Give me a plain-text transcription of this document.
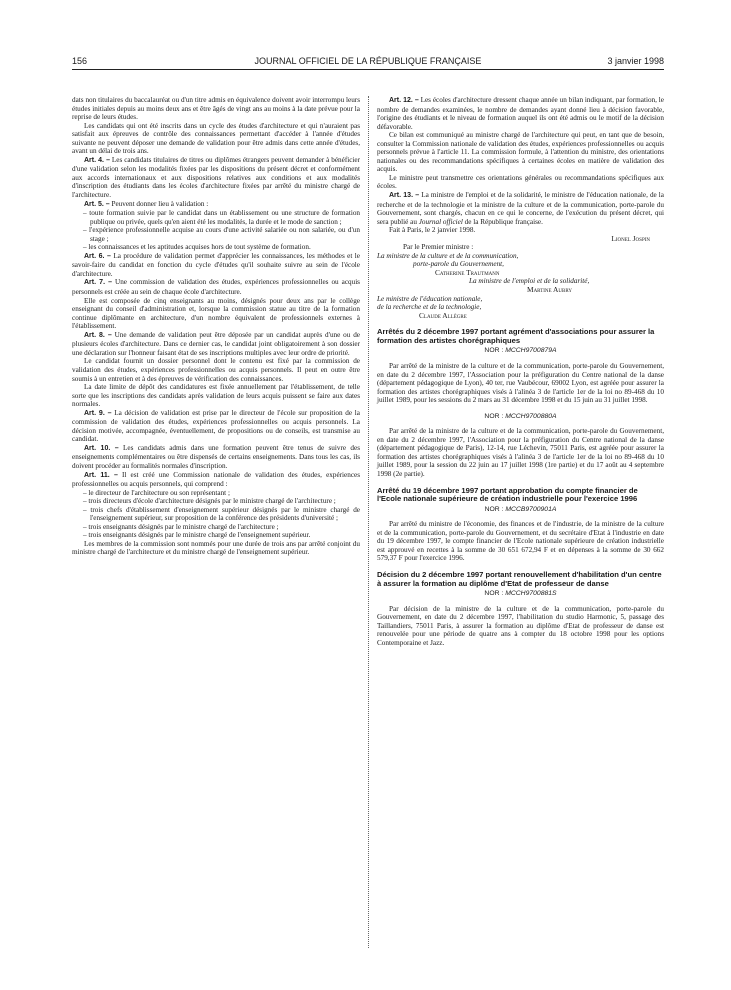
156	JOURNAL OFFICIEL DE LA RÉPUBLIQUE FRANÇAISE	3 janvier 1998

dats non titulaires du baccalauréat ou d'un titre admis en équivalence doivent avoir interrompu leurs études initiales depuis au moins deux ans et être âgés de vingt ans au moins à la date prévue pour la reprise de leurs études.

Les candidats qui ont été inscrits dans un cycle des études d'architecture et qui n'auraient pas satisfait aux épreuves de contrôle des connaissances permettant d'accéder à l'année d'études suivante ne peuvent déposer une demande de validation pour être admis dans cette année d'études, avant un délai de trois ans.

Art. 4. – Les candidats titulaires de titres ou diplômes étrangers peuvent demander à bénéficier d'une validation selon les modalités fixées par les dispositions du présent décret et conformément aux accords internationaux et aux dispositions relatives aux conditions et aux modalités d'inscription des étudiants dans les écoles d'architecture fixées par arrêté du ministre chargé de l'architecture.

Art. 5. – Peuvent donner lieu à validation :

– toute formation suivie par le candidat dans un établissement ou une structure de formation publique ou privée, quels qu'en aient été les modalités, la durée et le mode de sanction ;
– l'expérience professionnelle acquise au cours d'une activité salariée ou non salariée, ou d'un stage ;
– les connaissances et les aptitudes acquises hors de tout système de formation.

Art. 6. – La procédure de validation permet d'apprécier les connaissances, les méthodes et le savoir-faire du candidat en fonction du cycle d'études qu'il souhaite suivre au sein de l'école d'architecture.

Art. 7. – Une commission de validation des études, expériences professionnelles ou acquis personnels est créée au sein de chaque école d'architecture.

Elle est composée de cinq enseignants au moins, désignés pour deux ans par le collège enseignant du conseil d'administration et, lorsque la commission statue au titre de la formation continue diplômante en architecture, d'un nombre équivalent de professionnels externes à l'établissement.

Art. 8. – Une demande de validation peut être déposée par un candidat auprès d'une ou de plusieurs écoles d'architecture. Dans ce dernier cas, le candidat joint obligatoirement à son dossier une déclaration sur l'honneur faisant état de ses inscriptions multiples avec leur ordre de priorité.

Le candidat fournit un dossier personnel dont le contenu est fixé par la commission de validation des études, expériences professionnelles ou acquis personnels. Il peut en outre être soumis à un entretien et à des épreuves de vérification des connaissances.

La date limite de dépôt des candidatures est fixée annuellement par l'établissement, de telle sorte que les inscriptions des candidats après validation de leurs acquis puissent se faire aux dates normales.

Art. 9. – La décision de validation est prise par le directeur de l'école sur proposition de la commission de validation des études, expériences professionnelles ou acquis personnels. La décision motivée, accompagnée, éventuellement, de propositions ou de conseils, est transmise au candidat.

Art. 10. – Les candidats admis dans une formation peuvent être tenus de suivre des enseignements complémentaires ou être dispensés de certains enseignements. Dans tous les cas, ils doivent procéder au formalités normales d'inscription.

Art. 11. – Il est créé une Commission nationale de validation des études, expériences professionnelles ou acquis personnels, qui comprend :

– le directeur de l'architecture ou son représentant ;
– trois directeurs d'école d'architecture désignés par le ministre chargé de l'architecture ;
– trois chefs d'établissement d'enseignement supérieur désignés par le ministre chargé de l'enseignement supérieur, sur proposition de la conférence des présidents d'université ;
– trois enseignants désignés par le ministre chargé de l'architecture ;
– trois enseignants désignés par le ministre chargé de l'enseignement supérieur.

Les membres de la commission sont nommés pour une durée de trois ans par arrêté conjoint du ministre chargé de l'architecture et du ministre chargé de l'enseignement supérieur.

Art. 12. – Les écoles d'architecture dressent chaque année un bilan indiquant, par formation, le nombre de demandes examinées, le nombre de demandes ayant donné lieu à décision favorable, l'origine des étudiants et le niveau de formation auquel ils ont été admis ou le motif de la décision défavorable.

Ce bilan est communiqué au ministre chargé de l'architecture qui peut, en tant que de besoin, consulter la Commission nationale de validation des études, expériences professionnelles ou acquis personnels prévue à l'article 11. La commission formule, à l'attention du ministre, des orientations nationales ou des recommandations spécifiques à certaines écoles en matière de validation des acquis.

Le ministre peut transmettre ces orientations générales ou recommandations spécifiques aux écoles.

Art. 13. – La ministre de l'emploi et de la solidarité, le ministre de l'éducation nationale, de la recherche et de la technologie et la ministre de la culture et de la communication, porte-parole du Gouvernement, sont chargés, chacun en ce qui le concerne, de l'exécution du présent décret, qui sera publié au Journal officiel de la République française.

Fait à Paris, le 2 janvier 1998.

Lionel Jospin
Par le Premier ministre :
La ministre de la culture et de la communication,
porte-parole du Gouvernement,
Catherine Trautmann
La ministre de l'emploi et de la solidarité,
Martine Aubry
Le ministre de l'éducation nationale,
de la recherche et de la technologie,
Claude Allègre
Arrêtés du 2 décembre 1997 portant agrément d'associations pour assurer la formation des artistes chorégraphiques
NOR : MCCH9700879A

Par arrêté de la ministre de la culture et de la communication, porte-parole du Gouvernement, en date du 2 décembre 1997, l'Association pour la préfiguration du Centre national de la danse (département pédagogique de Lyon), 40 ter, rue Vaubécour, 69002 Lyon, est agréée pour assurer la formation des artistes chorégraphiques visés à l'alinéa 3 de l'article 1er de la loi no 89-468 du 10 juillet 1989, pour les sessions du 2 mars au 31 décembre 1998 et du 15 juin au 31 juillet 1998.

NOR : MCCH9700880A

Par arrêté de la ministre de la culture et de la communication, porte-parole du Gouvernement, en date du 2 décembre 1997, l'Association pour la préfiguration du Centre national de la danse (département pédagogique de Paris), 12-14, rue Léchevin, 75011 Paris, est agréée pour assurer la formation des artistes chorégraphiques visés à l'alinéa 3 de l'article 1er de la loi no 89-468 du 10 juillet 1989, pour la session du 22 juin au 17 juillet 1998 (1re partie) et du 17 août au 4 septembre 1998 (2e partie).

Arrêté du 19 décembre 1997 portant approbation du compte financier de l'Ecole nationale supérieure de création industrielle pour l'exercice 1996
NOR : MCCB9700901A

Par arrêté du ministre de l'économie, des finances et de l'industrie, de la ministre de la culture et de la communication, porte-parole du Gouvernement, et du secrétaire d'Etat à l'industrie en date du 19 décembre 1997, le compte financier de l'Ecole nationale supérieure de création industrielle est approuvé en recettes à la somme de 30 651 672,94 F et en dépenses à la somme de 30 662 579,37 F pour l'exercice 1996.

Décision du 2 décembre 1997 portant renouvellement d'habilitation d'un centre à assurer la formation au diplôme d'Etat de professeur de danse
NOR : MCCH9700881S

Par décision de la ministre de la culture et de la communication, porte-parole du Gouvernement, en date du 2 décembre 1997, l'habilitation du studio Harmonic, 5, passage des Taillandiers, 75011 Paris, à assurer la formation au diplôme d'Etat de professeur de danse est renouvelée pour une période de quatre ans à compter du 18 octobre 1998 pour les options Contemporaine et Jazz.
